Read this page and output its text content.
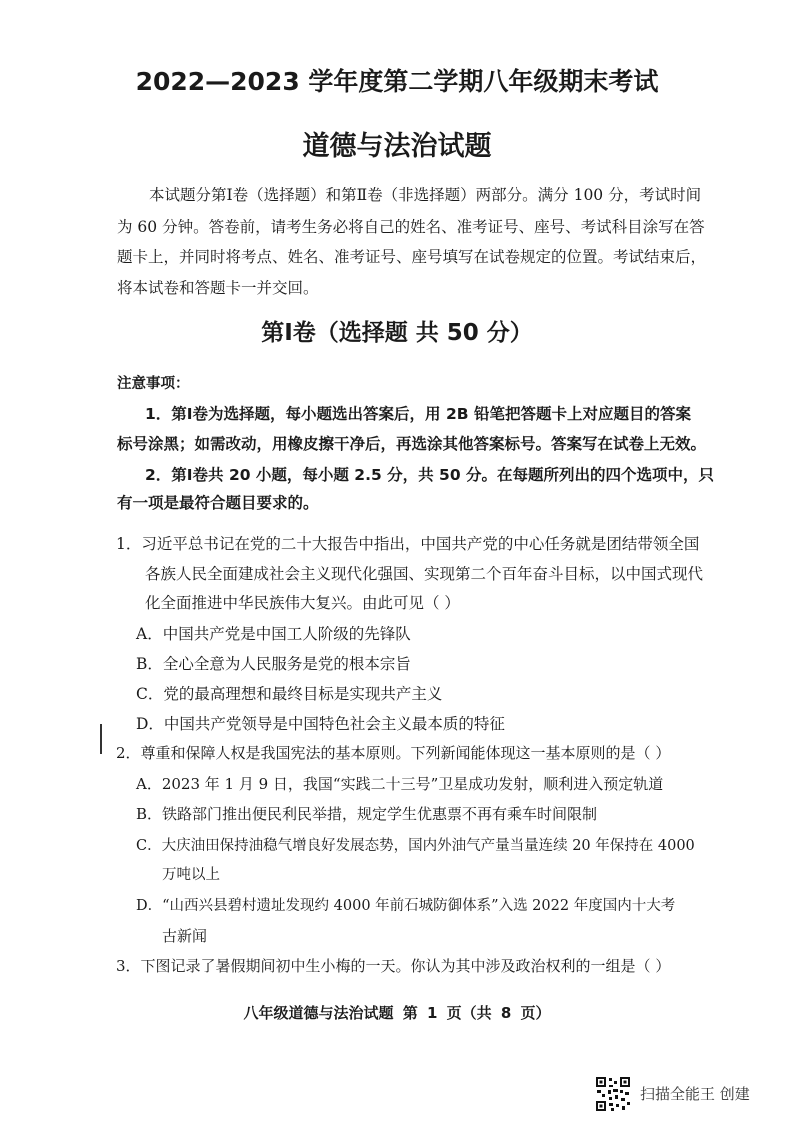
2022—2023 学年度第二学期八年级期末考试
道德与法治试题
本试题分第Ⅰ卷（选择题）和第Ⅱ卷（非选择题）两部分。满分 100 分，考试时间
为 60 分钟。答卷前，请考生务必将自己的姓名、准考证号、座号、考试科目涂写在答
题卡上，并同时将考点、姓名、准考证号、座号填写在试卷规定的位置。考试结束后，
将本试卷和答题卡一并交回。
第Ⅰ卷（选择题 共 50 分）
注意事项：
1．第Ⅰ卷为选择题，每小题选出答案后，用 2B 铅笔把答题卡上对应题目的答案
标号涂黑；如需改动，用橡皮擦干净后，再选涂其他答案标号。答案写在试卷上无效。
2．第Ⅰ卷共 20 小题，每小题 2.5 分，共 50 分。在每题所列出的四个选项中，只
有一项是最符合题目要求的。
1．习近平总书记在党的二十大报告中指出，中国共产党的中心任务就是团结带领全国
各族人民全面建成社会主义现代化强国、实现第二个百年奋斗目标，以中国式现代
化全面推进中华民族伟大复兴。由此可见（ ）
A．中国共产党是中国工人阶级的先锋队
B．全心全意为人民服务是党的根本宗旨
C．党的最高理想和最终目标是实现共产主义
D．中国共产党领导是中国特色社会主义最本质的特征
2．尊重和保障人权是我国宪法的基本原则。下列新闻能体现这一基本原则的是（ ）
A．2023 年 1 月 9 日，我国“实践二十三号”卫星成功发射，顺利进入预定轨道
B．铁路部门推出便民利民举措，规定学生优惠票不再有乘车时间限制
C．大庆油田保持油稳气增良好发展态势，国内外油气产量当量连续 20 年保持在 4000
万吨以上
D．“山西兴县碧村遗址发现约 4000 年前石城防御体系”入选 2022 年度国内十大考
古新闻
3．下图记录了暑假期间初中生小梅的一天。你认为其中涉及政治权利的一组是（ ）
八年级道德与法治试题 第 1 页（共 8 页）
扫描全能王 创建
